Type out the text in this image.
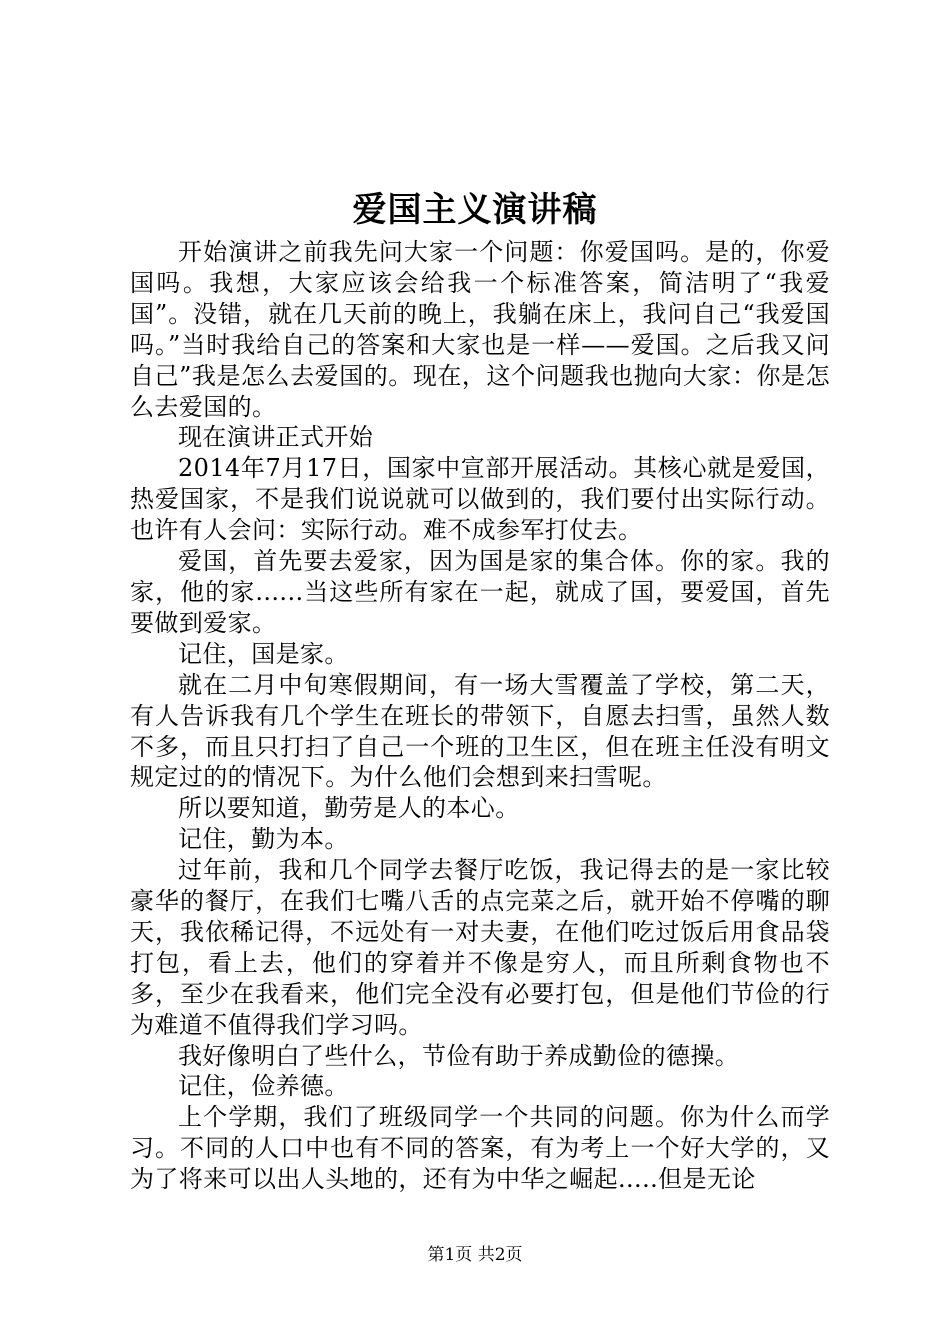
爱国主义演讲稿

开始演讲之前我先问大家一个问题：你爱国吗。是的，你爱国吗。我想，大家应该会给我一个标准答案，简洁明了“我爱国”。没错，就在几天前的晚上，我躺在床上，我问自己“我爱国吗。”当时我给自己的答案和大家也是一样——爱国。之后我又问自己”我是怎么去爱国的。现在，这个问题我也抛向大家：你是怎么去爱国的。

现在演讲正式开始

2014年7月17日，国家中宣部开展活动。其核心就是爱国，热爱国家，不是我们说说就可以做到的，我们要付出实际行动。也许有人会问：实际行动。难不成参军打仗去。

爱国，首先要去爱家，因为国是家的集合体。你的家。我的家，他的家......当这些所有家在一起，就成了国，要爱国，首先要做到爱家。

记住，国是家。

就在二月中旬寒假期间，有一场大雪覆盖了学校，第二天，有人告诉我有几个学生在班长的带领下，自愿去扫雪，虽然人数不多，而且只打扫了自己一个班的卫生区，但在班主任没有明文规定过的的情况下。为什么他们会想到来扫雪呢。

所以要知道，勤劳是人的本心。

记住，勤为本。

过年前，我和几个同学去餐厅吃饭，我记得去的是一家比较豪华的餐厅，在我们七嘴八舌的点完菜之后，就开始不停嘴的聊天，我依稀记得，不远处有一对夫妻，在他们吃过饭后用食品袋打包，看上去，他们的穿着并不像是穷人，而且所剩食物也不多，至少在我看来，他们完全没有必要打包，但是他们节俭的行为难道不值得我们学习吗。

我好像明白了些什么，节俭有助于养成勤俭的德操。

记住，俭养德。

上个学期，我们了班级同学一个共同的问题。你为什么而学习。不同的人口中也有不同的答案，有为考上一个好大学的，又为了将来可以出人头地的，还有为中华之崛起.....但是无论

第1页 共2页
